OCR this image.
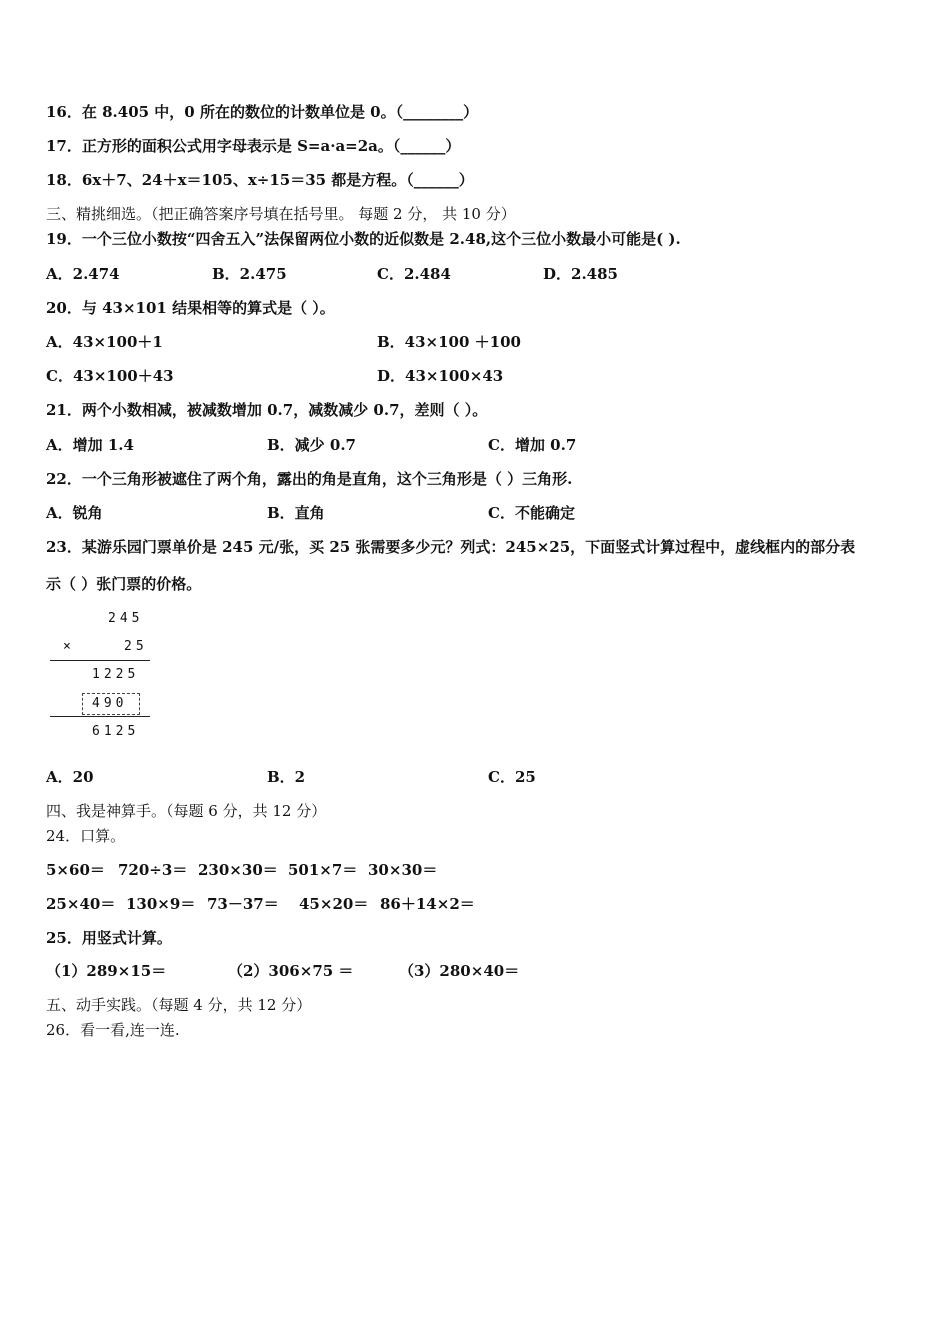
16．在 8.405 中，0 所在的数位的计数单位是 0。（________）
17．正方形的面积公式用字母表示是 S=a·a=2a。（______）
18．6x＋7、24＋x＝105、x÷15＝35 都是方程。（______）
三、精挑细选。（把正确答案序号填在括号里。 每题 2 分， 共 10 分）
19．一个三位小数按“四舍五入”法保留两位小数的近似数是 2.48,这个三位小数最小可能是( ).
A．2.474	B．2.475	C．2.484	D．2.485
20．与 43×101 结果相等的算式是（ ）。
A．43×100＋1	B．43×100 ＋100
C．43×100＋43	D．43×100×43
21．两个小数相减，被减数增加 0.7，减数减少 0.7，差则（ ）。
A．增加 1.4	B．减少 0.7	C．增加 0.7
22．一个三角形被遮住了两个角，露出的角是直角，这个三角形是（ ）三角形.
A．锐角	B．直角	C．不能确定
23．某游乐园门票单价是 245 元/张，买 25 张需要多少元？列式：245×25，下面竖式计算过程中，虚线框内的部分表
示（ ）张门票的价格。
245
×	25
1225
490
6125
A．20	B．2	C．25
四、我是神算手。（每题 6 分，共 12 分）
24．口算。
5×60＝ 720÷3＝ 230×30＝ 501×7＝ 30×30＝
25×40＝ 130×9＝ 73－37＝ 45×20＝ 86＋14×2＝
25．用竖式计算。
（1）289×15＝	（2）306×75 ＝	（3）280×40＝
五、动手实践。（每题 4 分，共 12 分）
26．看一看,连一连.
